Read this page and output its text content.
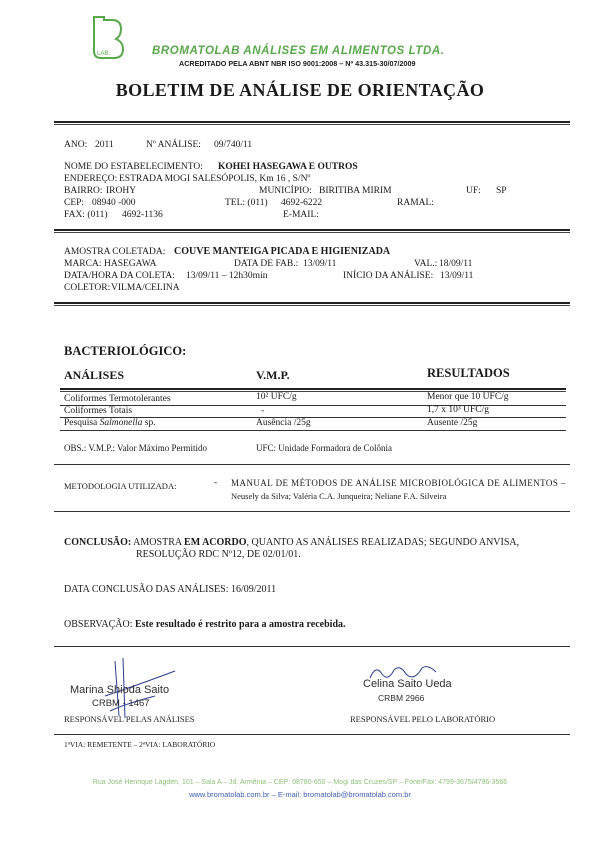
LAB.	BROMATOLAB ANÁLISES EM ALIMENTOS LTDA.
ACREDITADO PELA ABNT NBR ISO 9001:2008 – Nº 43.315-30/07/2009
BOLETIM DE ANÁLISE DE ORIENTAÇÃO
ANO: 2011	Nº ANÁLISE: 09/740/11
NOME DO ESTABELECIMENTO: KOHEI HASEGAWA E OUTROS
ENDEREÇO: ESTRADA MOGI SALESÓPOLIS, Km 16 , S/Nº
BAIRRO: IROHY	MUNICÍPIO: BIRITIBA MIRIM	UF: SP
CEP: 08940 -000	TEL: (011) 4692-6222	RAMAL:
FAX: (011) 4692-1136	E-MAIL:
AMOSTRA COLETADA: COUVE MANTEIGA PICADA E HIGIENIZADA
MARCA: HASEGAWA	DATA DE FAB.: 13/09/11	VAL.: 18/09/11
DATA/HORA DA COLETA: 13/09/11 – 12h30min	INÍCIO DA ANÁLISE: 13/09/11
COLETOR: VILMA/CELINA
BACTERIOLÓGICO:
ANÁLISES	V.M.P.	RESULTADOS
Coliformes Termotolerantes	10² UFC/g	Menor que 10 UFC/g
Coliformes Totais	-	1,7 x 10³ UFC/g
Pesquisa Salmonella sp.	Ausência /25g	Ausente /25g
OBS.: V.M.P.: Valor Máximo Permitido	UFC: Unidade Formadora de Colônia
METODOLOGIA UTILIZADA:	- MANUAL DE MÉTODOS DE ANÁLISE MICROBIOLÓGICA DE ALIMENTOS –
Neusely da Silva; Valéria C.A. Junqueira; Neliane F.A. Silveira
CONCLUSÃO: AMOSTRA EM ACORDO, QUANTO AS ANÁLISES REALIZADAS; SEGUNDO ANVISA,
RESOLUÇÃO RDC Nº12, DE 02/01/01.
DATA CONCLUSÃO DAS ANÁLISES: 16/09/2011
OBSERVAÇÃO: Este resultado é restrito para a amostra recebida.
Marina Shioda Saito
CRBM - 1467
RESPONSÁVEL PELAS ANÁLISES
Celina Saito Ueda
CRBM 2966
RESPONSÁVEL PELO LABORATÓRIO
1ªVIA: REMETENTE – 2ªVIA: LABORATÓRIO
Rua José Henrique Lagden, 101 – Sala A – Jd. Armênia – CEP: 08780-650 – Mogi das Cruzes/SP – Fone/Fax: 4799-3675/4796-3566
www.bromatolab.com.br – E-mail: bromatolab@bromatolab.com.br
